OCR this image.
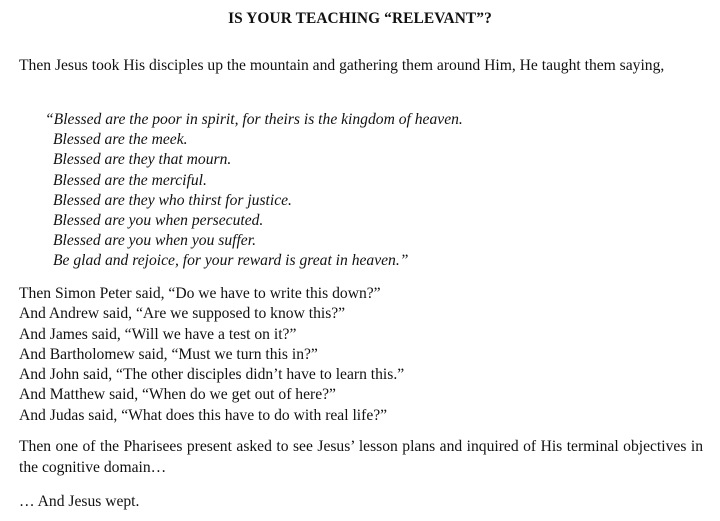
IS YOUR TEACHING “RELEVANT”?
Then Jesus took His disciples up the mountain and gathering them around Him, He taught them saying,
“Blessed are the poor in spirit, for theirs is the kingdom of heaven.
Blessed are the meek.
Blessed are they that mourn.
Blessed are the merciful.
Blessed are they who thirst for justice.
Blessed are you when persecuted.
Blessed are you when you suffer.
Be glad and rejoice, for your reward is great in heaven.”
Then Simon Peter said, “Do we have to write this down?”
And Andrew said, “Are we supposed to know this?”
And James said, “Will we have a test on it?”
And Bartholomew said, “Must we turn this in?”
And John said, “The other disciples didn’t have to learn this.”
And Matthew said, “When do we get out of here?”
And Judas said, “What does this have to do with real life?”
Then one of the Pharisees present asked to see Jesus’ lesson plans and inquired of His terminal objectives in the cognitive domain…
… And Jesus wept.
